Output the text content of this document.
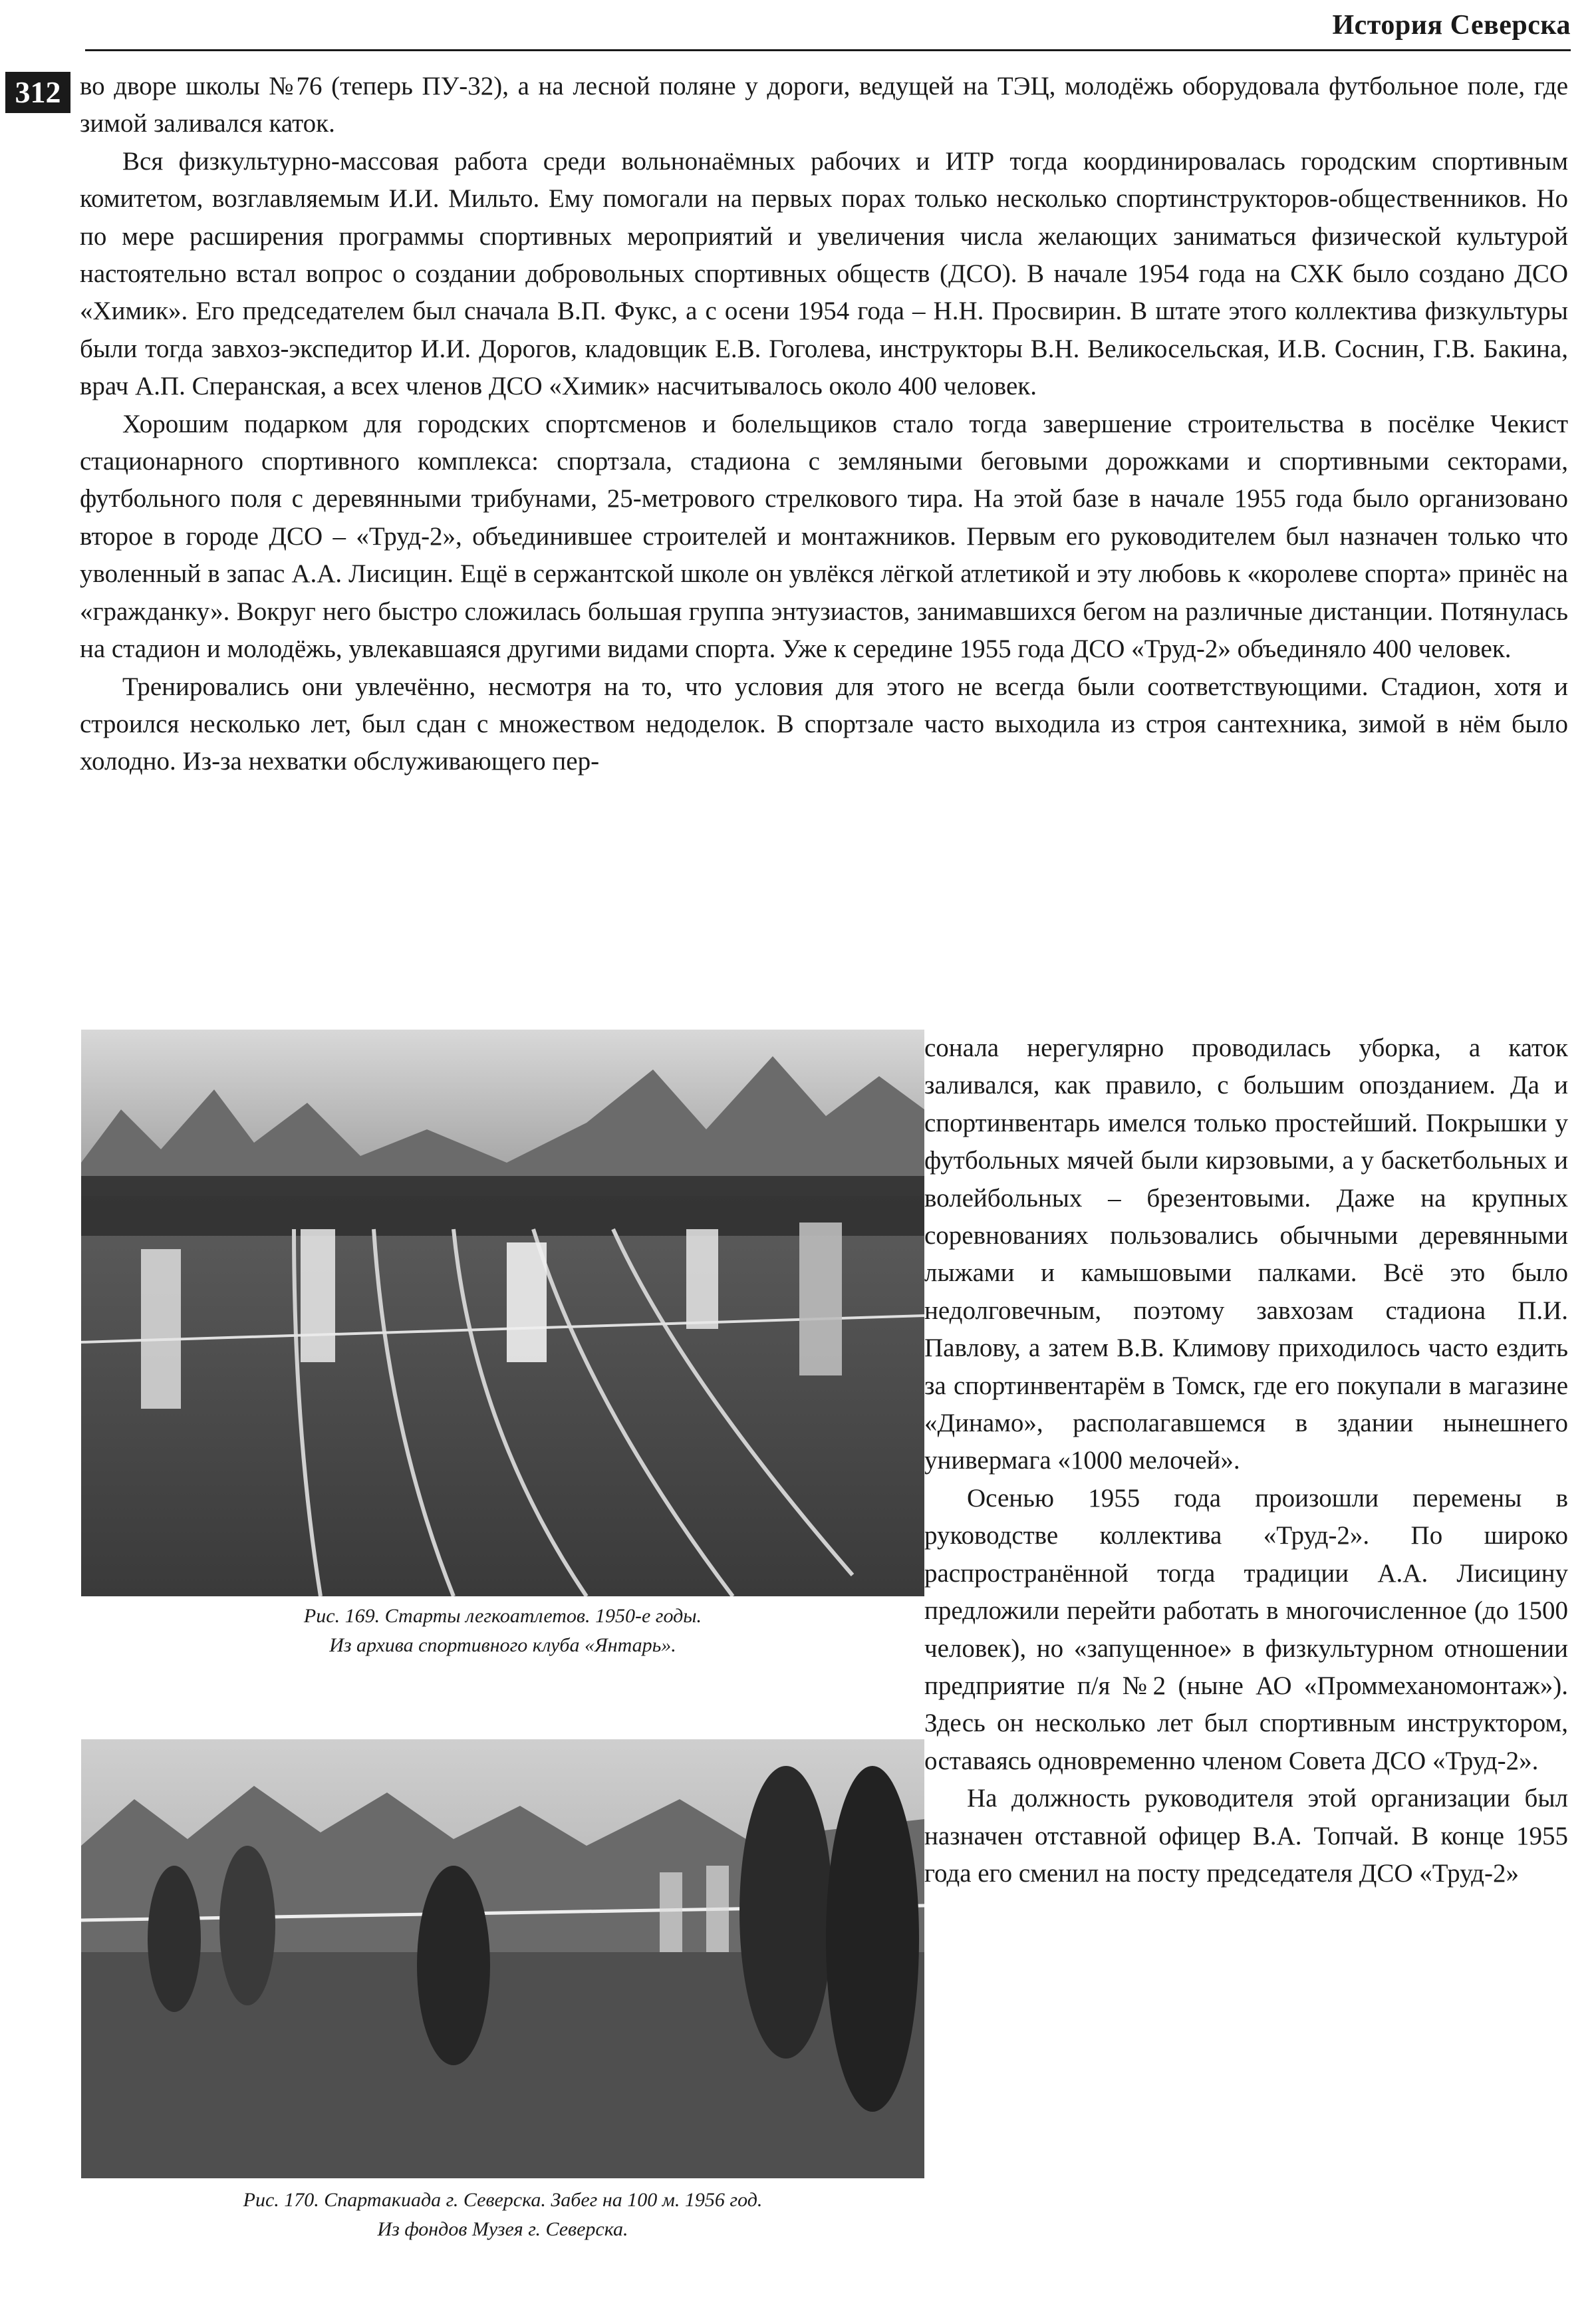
История Северска
312 во дворе школы №76 (теперь ПУ-32), а на лесной поляне у дороги, ведущей на ТЭЦ, молодёжь оборудовала футбольное поле, где зимой заливался каток.

Вся физкультурно-массовая работа среди вольнонаёмных рабочих и ИТР тогда координировалась городским спортивным комитетом, возглавляемым И.И. Мильто. Ему помогали на первых порах только несколько спортинструкторов-общественников. Но по мере расширения программы спортивных мероприятий и увеличения числа желающих заниматься физической культурой настоятельно встал вопрос о создании добровольных спортивных обществ (ДСО). В начале 1954 года на СХК было создано ДСО «Химик». Его председателем был сначала В.П. Фукс, а с осени 1954 года – Н.Н. Просвирин. В штате этого коллектива физкультуры были тогда завхоз-экспедитор И.И. Дорогов, кладовщик Е.В. Гоголева, инструкторы В.Н. Великосельская, И.В. Соснин, Г.В. Бакина, врач А.П. Сперанская, а всех членов ДСО «Химик» насчитывалось около 400 человек.

Хорошим подарком для городских спортсменов и болельщиков стало тогда завершение строительства в посёлке Чекист стационарного спортивного комплекса: спортзала, стадиона с земляными беговыми дорожками и спортивными секторами, футбольного поля с деревянными трибунами, 25-метрового стрелкового тира. На этой базе в начале 1955 года было организовано второе в городе ДСО – «Труд-2», объединившее строителей и монтажников. Первым его руководителем был назначен только что уволенный в запас А.А. Лисицин. Ещё в сержантской школе он увлёкся лёгкой атлетикой и эту любовь к «королеве спорта» принёс на «гражданку». Вокруг него быстро сложилась большая группа энтузиастов, занимавшихся бегом на различные дистанции. Потянулась на стадион и молодёжь, увлекавшаяся другими видами спорта. Уже к середине 1955 года ДСО «Труд-2» объединяло 400 человек.

Тренировались они увлечённо, несмотря на то, что условия для этого не всегда были соответствующими. Стадион, хотя и строился несколько лет, был сдан с множеством недоделок. В спортзале часто выходила из строя сантехника, зимой в нём было холодно. Из-за нехватки обслуживающего пер-

Рис. 169. Старты легкоатлетов. 1950-е годы.
Из архива спортивного клуба «Янтарь».
Рис. 170. Спартакиада г. Северска. Забег на 100 м. 1956 год.
Из фондов Музея г. Северска.

сонала нерегулярно проводилась уборка, а каток заливался, как правило, с большим опозданием. Да и спортинвентарь имелся только простейший. Покрышки у футбольных мячей были кирзовыми, а у баскетбольных и волейбольных – брезентовыми. Даже на крупных соревнованиях пользовались обычными деревянными лыжами и камышовыми палками. Всё это было недолговечным, поэтому завхозам стадиона П.И. Павлову, а затем В.В. Климову приходилось часто ездить за спортинвентарём в Томск, где его покупали в магазине «Динамо», располагавшемся в здании нынешнего универмага «1000 мелочей».

Осенью 1955 года произошли перемены в руководстве коллектива «Труд-2». По широко распространённой тогда традиции А.А. Лисицину предложили перейти работать в многочисленное (до 1500 человек), но «запущенное» в физкультурном отношении предприятие п/я №2 (ныне АО «Проммеханомонтаж»). Здесь он несколько лет был спортивным инструктором, оставаясь одновременно членом Совета ДСО «Труд-2».

На должность руководителя этой организации был назначен отставной офицер В.А. Топчай. В конце 1955 года его сменил на посту председателя ДСО «Труд-2»
